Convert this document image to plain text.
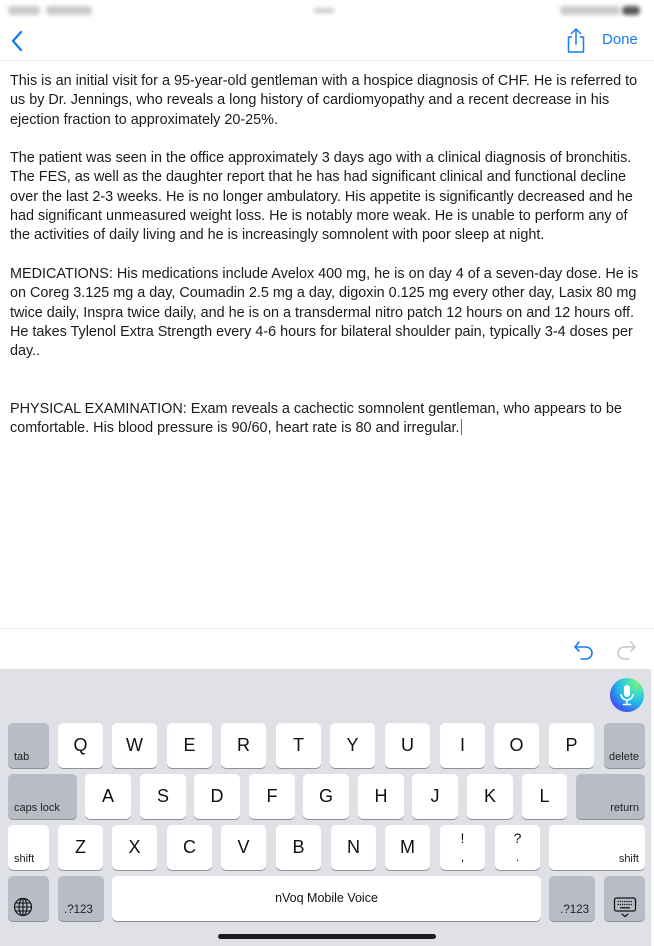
Done

This is an initial visit for a 95-year-old gentleman with a hospice diagnosis of CHF. He is referred to us by Dr. Jennings, who reveals a long history of cardiomyopathy and a recent decrease in his ejection fraction to approximately 20-25%.

The patient was seen in the office approximately 3 days ago with a clinical diagnosis of bronchitis. The FES, as well as the daughter report that he has had significant clinical and functional decline over the last 2-3 weeks. He is no longer ambulatory. His appetite is significantly decreased and he had significant unmeasured weight loss. He is notably more weak. He is unable to perform any of the activities of daily living and he is increasingly somnolent with poor sleep at night.

MEDICATIONS: His medications include Avelox 400 mg, he is on day 4 of a seven-day dose. He is on Coreg 3.125 mg a day, Coumadin 2.5 mg a day, digoxin 0.125 mg every other day, Lasix 80 mg twice daily, Inspra twice daily, and he is on a transdermal nitro patch 12 hours on and 12 hours off. He takes Tylenol Extra Strength every 4-6 hours for bilateral shoulder pain, typically 3-4 doses per day..

PHYSICAL EXAMINATION: Exam reveals a cachectic somnolent gentleman, who appears to be comfortable. His blood pressure is 90/60, heart rate is 80 and irregular.

tab
Q	W	E	R	T	Y	U	I	O	P
delete
caps lock
A	S	D	F	G	H	J	K	L
return
shift
Z	X	C	V	B	N	M	!
,
?
.	shift
.?123
nVoq Mobile Voice
.?123
